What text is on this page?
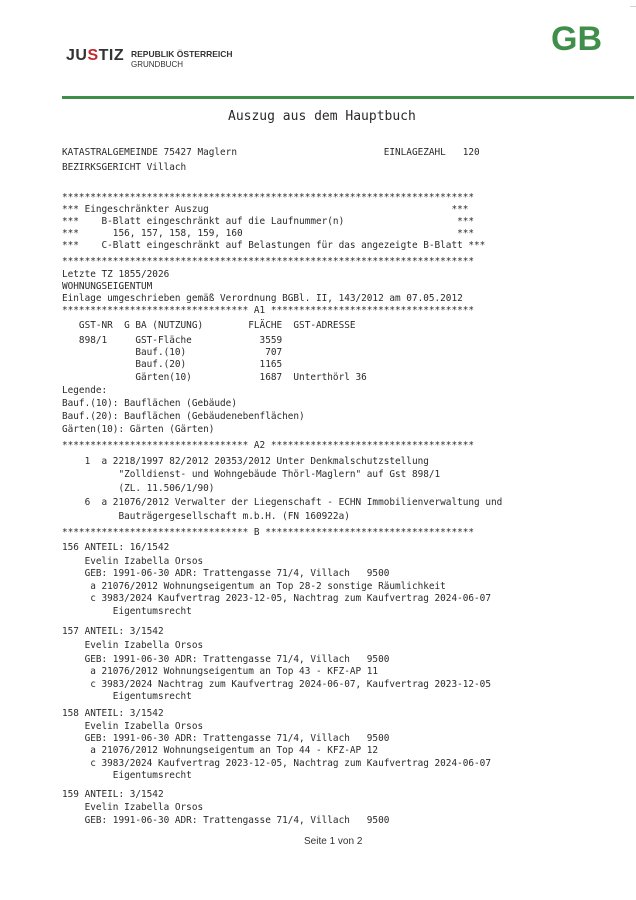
̲
JUSTIZ REPUBLIK ÖSTERREICH
GRUNDBUCH
GB
Auszug aus dem Hauptbuch
KATASTRALGEMEINDE 75427 Maglern                          EINLAGEZAHL   120
BEZIRKSGERICHT Villach
*************************************************************************
*** Eingeschränkter Auszug                                           ***
***    B-Blatt eingeschränkt auf die Laufnummer(n)                    ***
***      156, 157, 158, 159, 160                                      ***
***    C-Blatt eingeschränkt auf Belastungen für das angezeigte B-Blatt ***
*************************************************************************
Letzte TZ 1855/2026
WOHNUNGSEIGENTUM
Einlage umgeschrieben gemäß Verordnung BGBl. II, 143/2012 am 07.05.2012
********************************* A1 ************************************
GST-NR  G BA (NUTZUNG)        FLÄCHE  GST-ADRESSE
898/1     GST-Fläche            3559
Bauf.(10)              707
Bauf.(20)             1165
Gärten(10)            1687  Unterthörl 36
Legende:
Bauf.(10): Bauflächen (Gebäude)
Bauf.(20): Bauflächen (Gebäudenebenflächen)
Gärten(10): Gärten (Gärten)
********************************* A2 ************************************
1  a 2218/1997 82/2012 20353/2012 Unter Denkmalschutzstellung
"Zolldienst- und Wohngebäude Thörl-Maglern" auf Gst 898/1
(ZL. 11.506/1/90)
6  a 21076/2012 Verwalter der Liegenschaft - ECHN Immobilienverwaltung und
Bauträgergesellschaft m.b.H. (FN 160922a)
********************************* B *************************************
156 ANTEIL: 16/1542
Evelin Izabella Orsos
GEB: 1991-06-30 ADR: Trattengasse 71/4, Villach   9500
a 21076/2012 Wohnungseigentum an Top 28-2 sonstige Räumlichkeit
c 3983/2024 Kaufvertrag 2023-12-05, Nachtrag zum Kaufvertrag 2024-06-07
Eigentumsrecht
157 ANTEIL: 3/1542
Evelin Izabella Orsos
GEB: 1991-06-30 ADR: Trattengasse 71/4, Villach   9500
a 21076/2012 Wohnungseigentum an Top 43 - KFZ-AP 11
c 3983/2024 Nachtrag zum Kaufvertrag 2024-06-07, Kaufvertrag 2023-12-05
Eigentumsrecht
158 ANTEIL: 3/1542
Evelin Izabella Orsos
GEB: 1991-06-30 ADR: Trattengasse 71/4, Villach   9500
a 21076/2012 Wohnungseigentum an Top 44 - KFZ-AP 12
c 3983/2024 Kaufvertrag 2023-12-05, Nachtrag zum Kaufvertrag 2024-06-07
Eigentumsrecht
159 ANTEIL: 3/1542
Evelin Izabella Orsos
GEB: 1991-06-30 ADR: Trattengasse 71/4, Villach   9500
Seite 1 von 2
